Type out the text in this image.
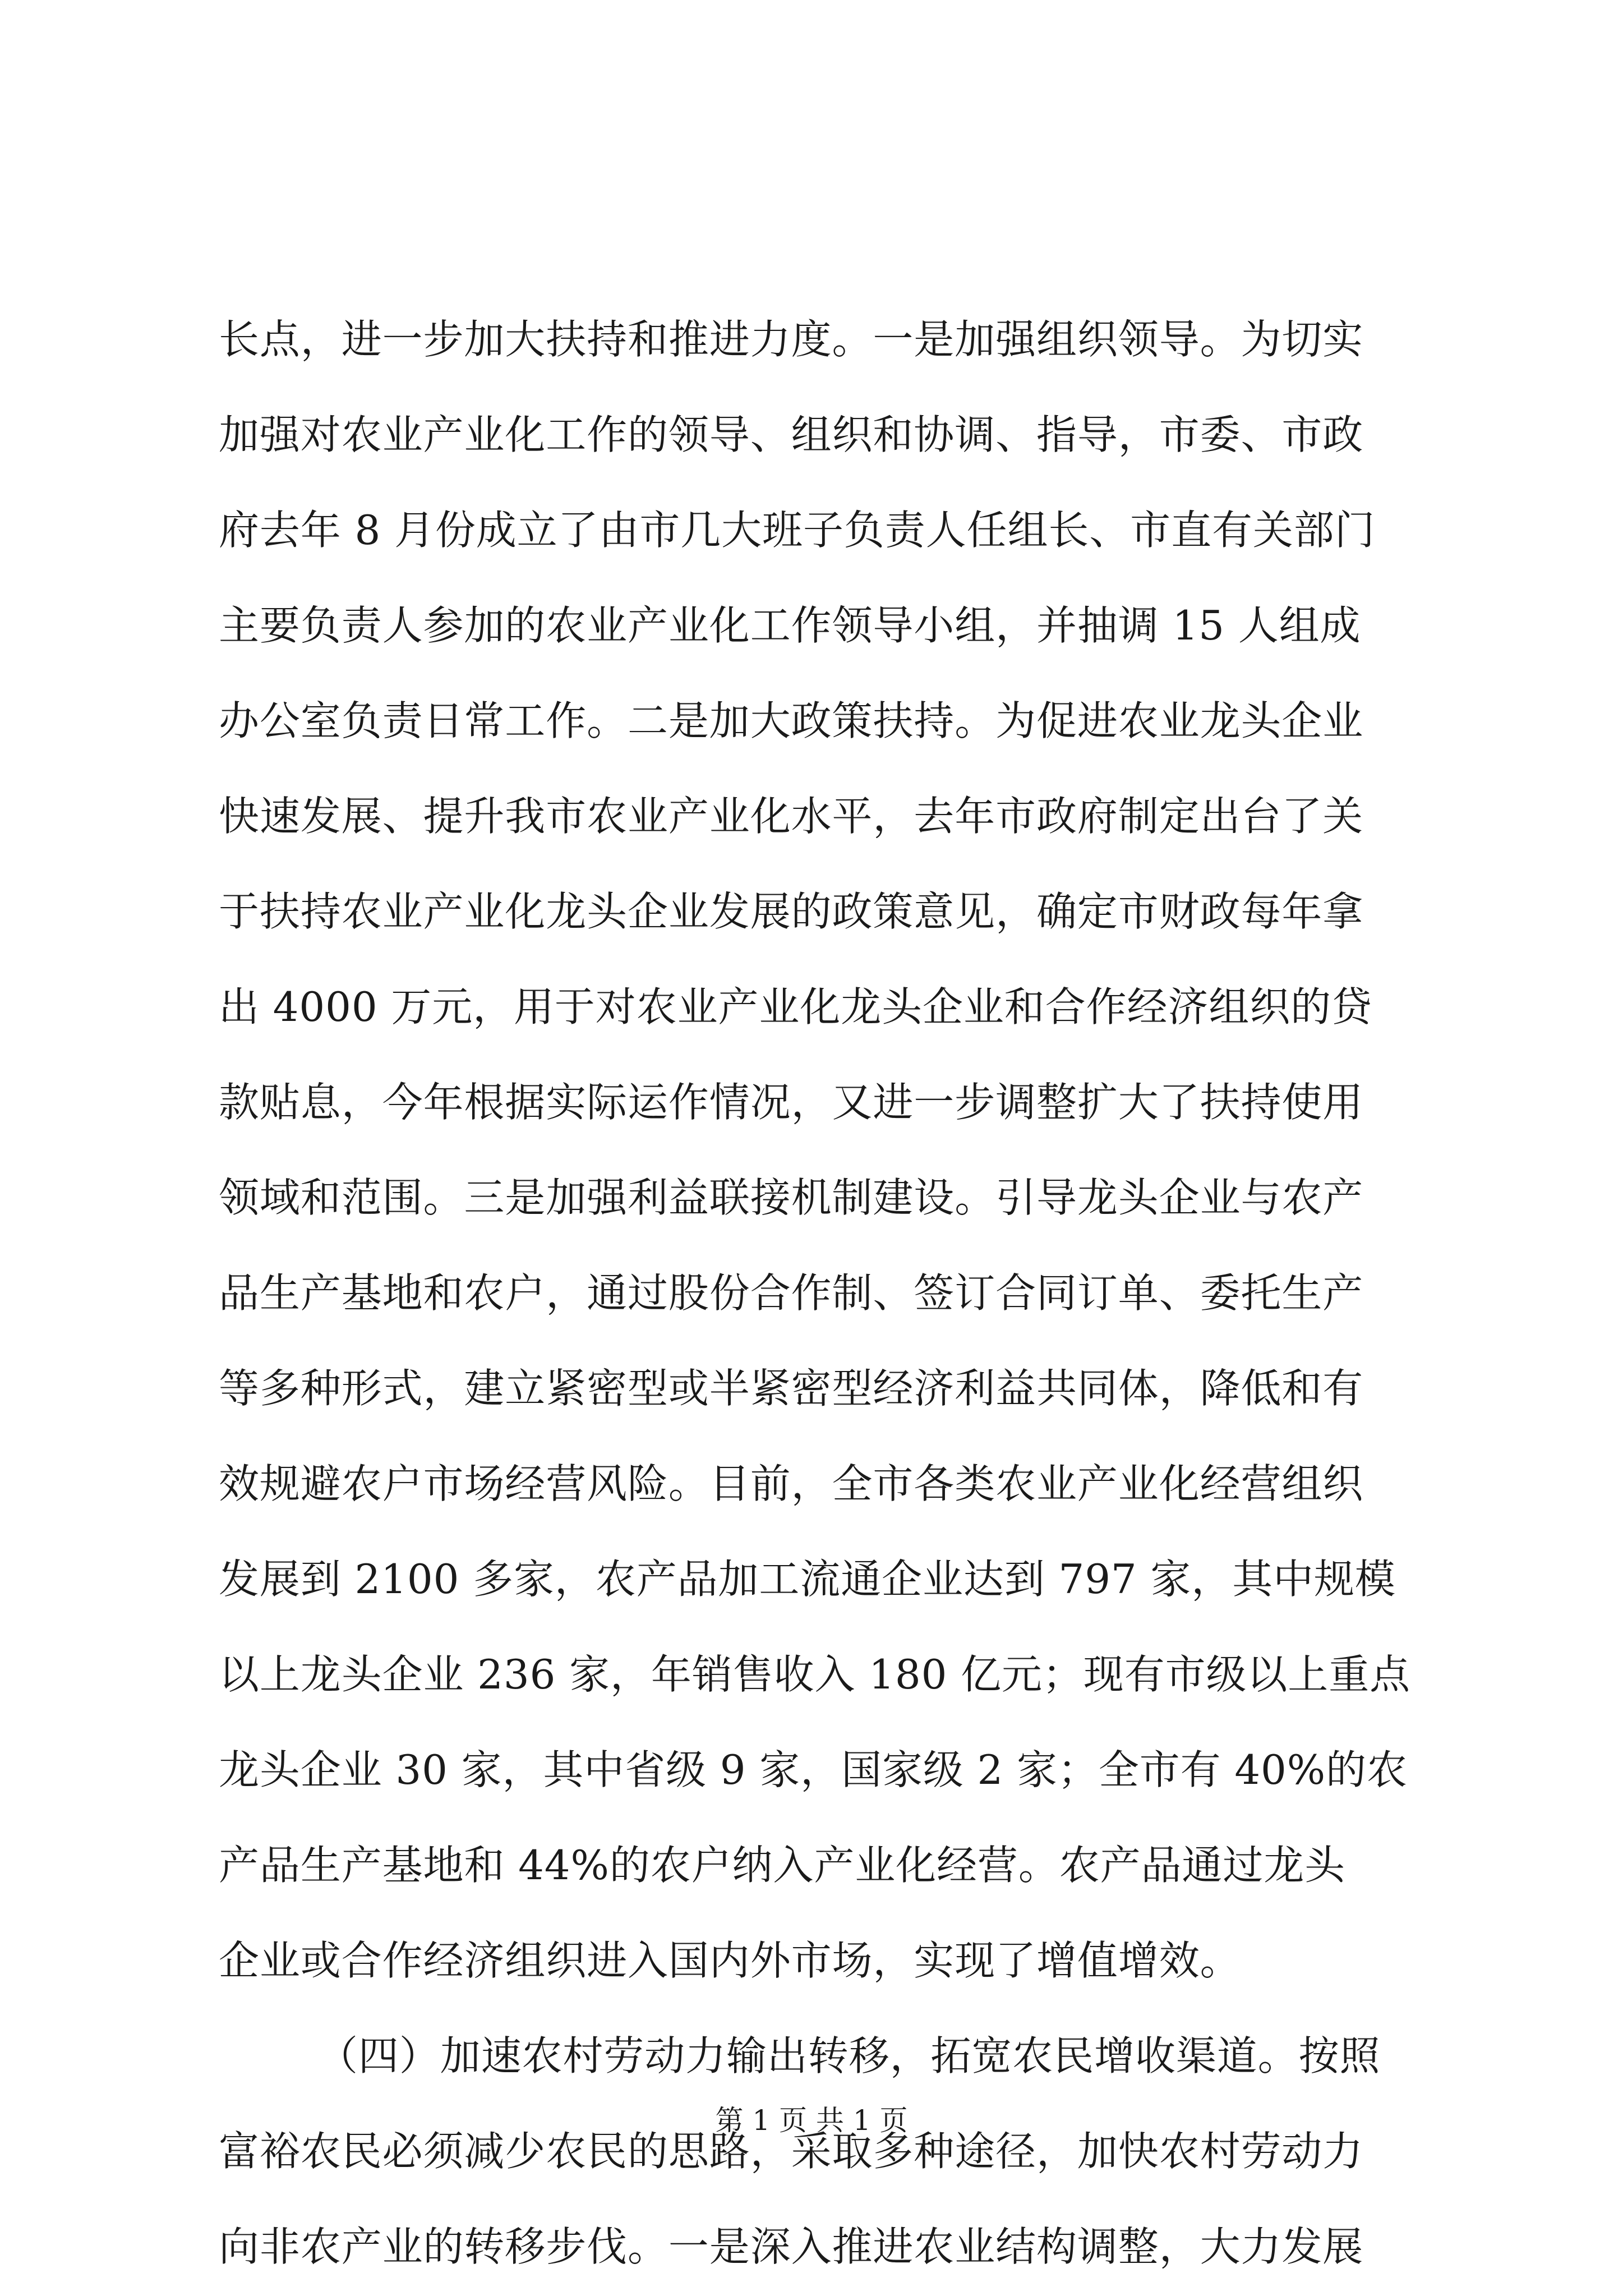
长点，进一步加大扶持和推进力度。一是加强组织领导。为切实
加强对农业产业化工作的领导、组织和协调、指导，市委、市政
府去年 8 月份成立了由市几大班子负责人任组长、市直有关部门
主要负责人参加的农业产业化工作领导小组，并抽调 15 人组成
办公室负责日常工作。二是加大政策扶持。为促进农业龙头企业
快速发展、提升我市农业产业化水平，去年市政府制定出台了关
于扶持农业产业化龙头企业发展的政策意见，确定市财政每年拿
出 4000 万元，用于对农业产业化龙头企业和合作经济组织的贷
款贴息，今年根据实际运作情况，又进一步调整扩大了扶持使用
领域和范围。三是加强利益联接机制建设。引导龙头企业与农产
品生产基地和农户，通过股份合作制、签订合同订单、委托生产
等多种形式，建立紧密型或半紧密型经济利益共同体，降低和有
效规避农户市场经营风险。目前，全市各类农业产业化经营组织
发展到 2100 多家，农产品加工流通企业达到 797 家，其中规模
以上龙头企业 236 家，年销售收入 180 亿元；现有市级以上重点
龙头企业 30 家，其中省级 9 家，国家级 2 家；全市有 40%的农
产品生产基地和 44%的农户纳入产业化经营。农产品通过龙头
企业或合作经济组织进入国内外市场，实现了增值增效。
（四）加速农村劳动力输出转移，拓宽农民增收渠道。按照
富裕农民必须减少农民的思路，采取多种途径，加快农村劳动力
向非农产业的转移步伐。一是深入推进农业结构调整，大力发展
第 1 页 共 1 页
